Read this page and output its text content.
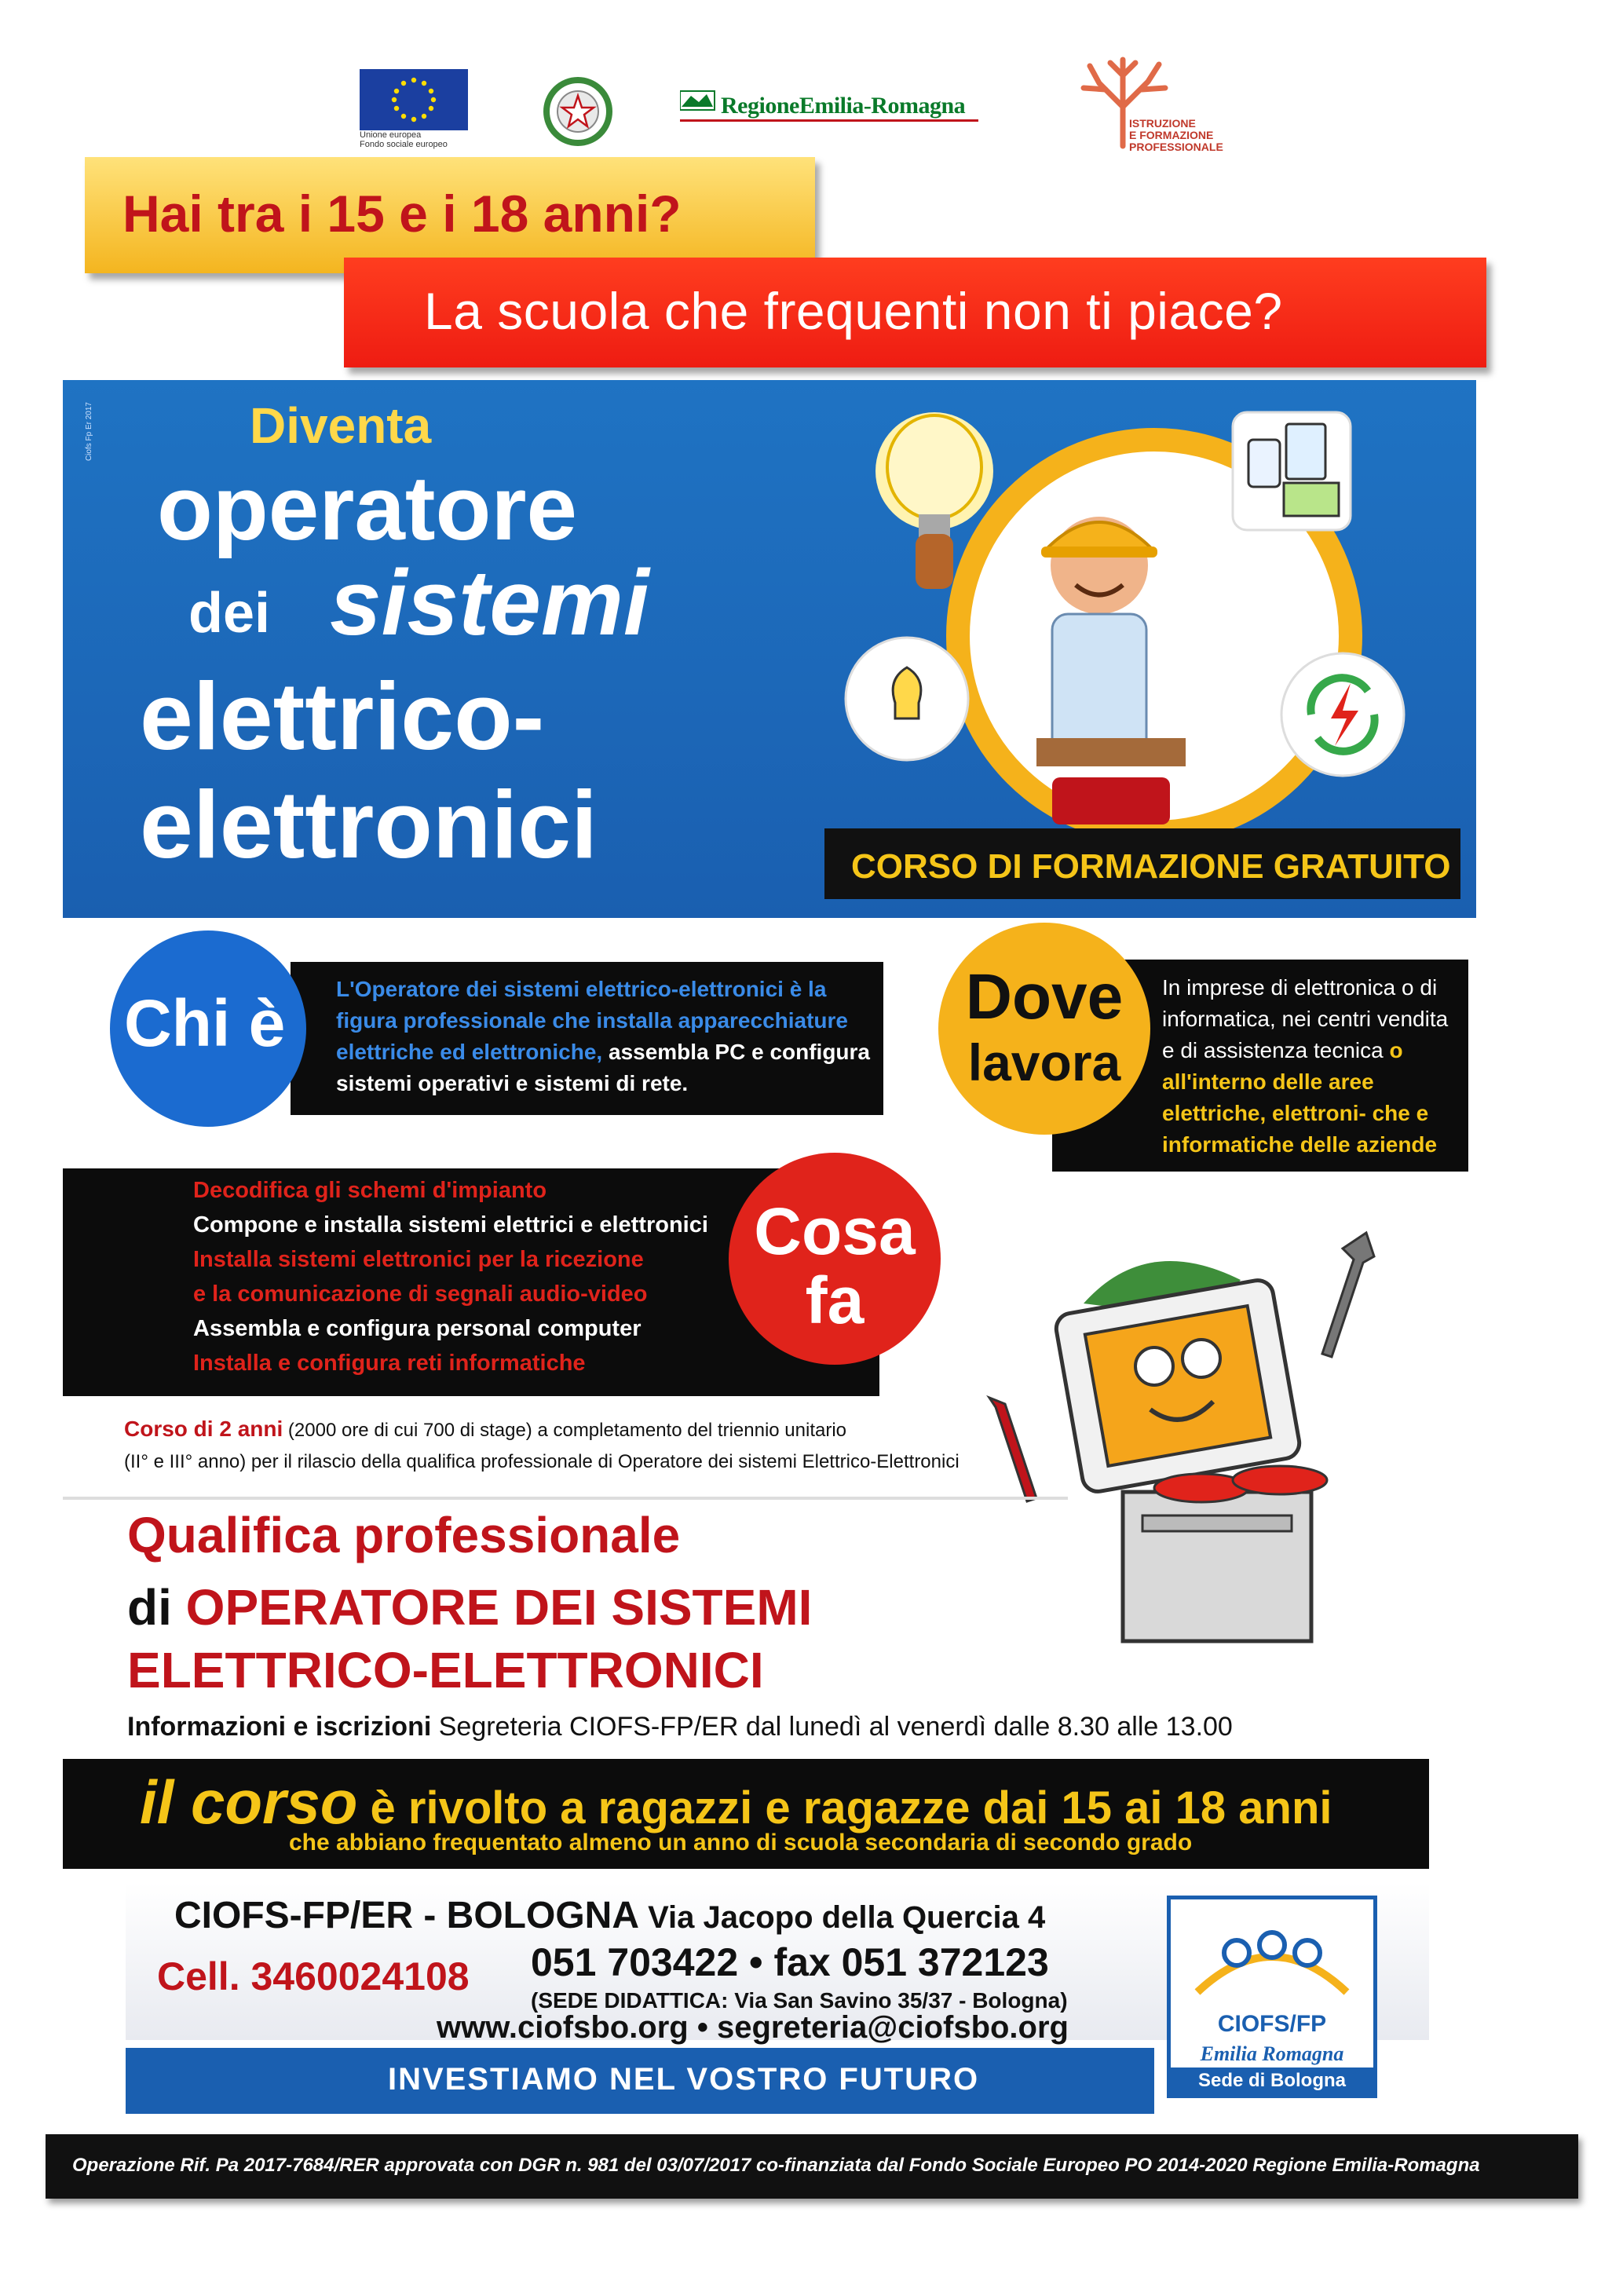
Unione europea
Fondo sociale europeo
RegioneEmilia-Romagna
ISTRUZIONE
E FORMAZIONE
PROFESSIONALE
Hai tra i 15 e i 18 anni?
La scuola che frequenti non ti piace?
Diventa
operatore
dei sistemi
elettrico-
elettronici
Ciofs Fp Er 2017
CORSO DI FORMAZIONE GRATUITO
L'Operatore dei sistemi elettrico-elettronici è la figura professionale che installa apparecchiature elettriche ed elettroniche, assembla PC e configura sistemi operativi e sistemi di rete.
Chi è	In imprese di elettronica o di informatica, nei centri vendita e di assistenza tecnica o all'interno delle aree elettriche, elettroni- che e informatiche delle aziende
Dove
lavora
Decodifica gli schemi d'impianto
Compone e installa sistemi elettrici e elettronici
Installa sistemi elettronici per la ricezione
e la comunicazione di segnali audio-video
Assembla e configura personal computer
Installa e configura reti informatiche
Cosa
fa
Corso di 2 anni (2000 ore di cui 700 di stage) a completamento del triennio unitario
(II° e III° anno) per il rilascio della qualifica professionale di Operatore dei sistemi Elettrico-Elettronici
Qualifica professionale
di OPERATORE DEI SISTEMI
ELETTRICO-ELETTRONICI
Informazioni e iscrizioni Segreteria CIOFS-FP/ER dal lunedì al venerdì dalle 8.30 alle 13.00
il corso è rivolto a ragazzi e ragazze dai 15 ai 18 anni
che abbiano frequentato almeno un anno di scuola secondaria di secondo grado
CIOFS-FP/ER - BOLOGNA Via Jacopo della Quercia 4
Cell. 3460024108 051 703422 • fax 051 372123
(SEDE DIDATTICA: Via San Savino 35/37 - Bologna)
www.ciofsbo.org • segreteria@ciofsbo.org	CIOFS/FP
Emilia Romagna
Sede di Bologna
INVESTIAMO NEL VOSTRO FUTURO
Operazione Rif. Pa 2017-7684/RER approvata con DGR n. 981 del 03/07/2017 co-finanziata dal Fondo Sociale Europeo PO 2014-2020 Regione Emilia-Romagna
